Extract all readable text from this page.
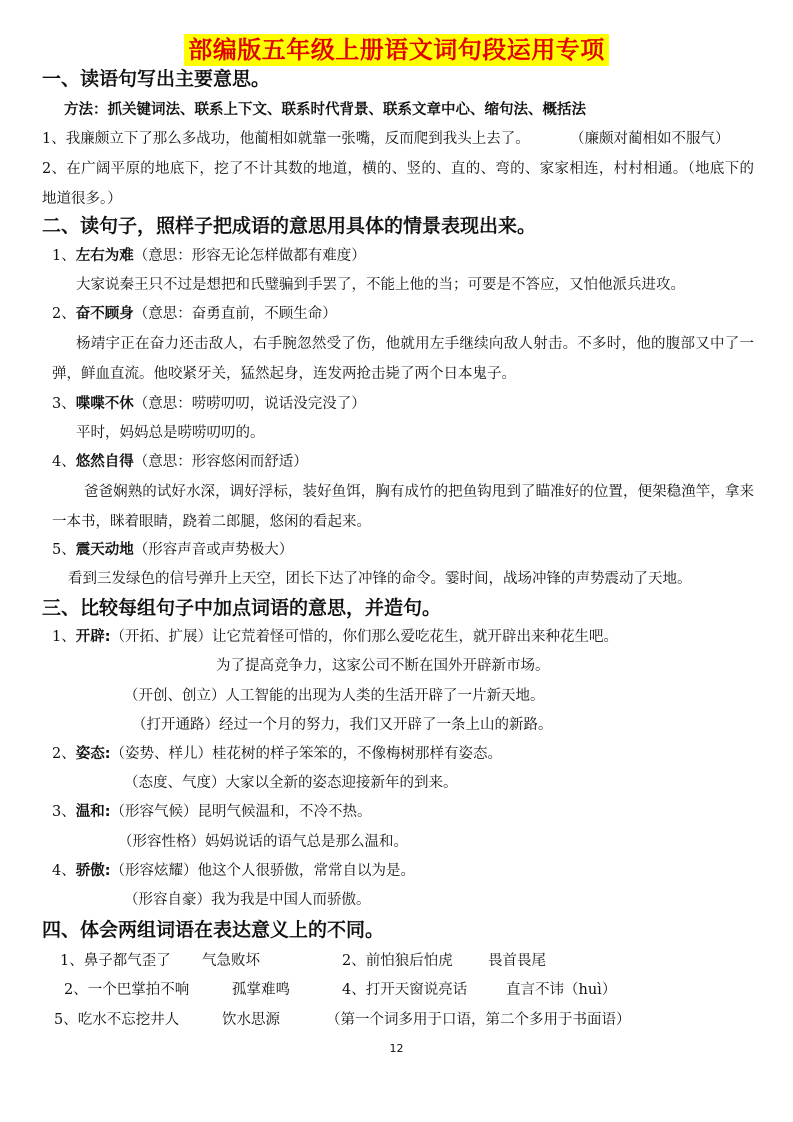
部编版五年级上册语文词句段运用专项
一、读语句写出主要意思。
方法：抓关键词法、联系上下文、联系时代背景、联系文章中心、缩句法、概括法
1、我廉颇立下了那么多战功，他蔺相如就靠一张嘴，反而爬到我头上去了。	（廉颇对蔺相如不服气）
2、在广阔平原的地底下，挖了不计其数的地道，横的、竖的、直的、弯的、家家相连，村村相通。（地底下的地道很多。）
二、读句子，照样子把成语的意思用具体的情景表现出来。
1、左右为难（意思：形容无论怎样做都有难度）
大家说秦王只不过是想把和氏璧骗到手罢了，不能上他的当；可要是不答应，又怕他派兵进攻。
2、奋不顾身（意思：奋勇直前，不顾生命）
杨靖宇正在奋力还击敌人，右手腕忽然受了伤，他就用左手继续向敌人射击。不多时，他的腹部又中了一弹，鲜血直流。他咬紧牙关，猛然起身，连发两抢击毙了两个日本鬼子。
3、喋喋不休（意思：唠唠叨叨，说话没完没了）
平时，妈妈总是唠唠叨叨的。
4、悠然自得（意思：形容悠闲而舒适）
爸爸娴熟的试好水深，调好浮标，装好鱼饵，胸有成竹的把鱼钩甩到了瞄准好的位置，便架稳渔竿，拿来一本书，眯着眼睛，跷着二郎腿，悠闲的看起来。
5、震天动地（形容声音或声势极大）
看到三发绿色的信号弹升上天空，团长下达了冲锋的命令。霎时间，战场冲锋的声势震动了天地。
三、比较每组句子中加点词语的意思，并造句。
1、开辟:（开拓、扩展）让它荒着怪可惜的，你们那么爱吃花生，就开辟出来种花生吧。
为了提高竞争力，这家公司不断在国外开辟新市场。
（开创、创立）人工智能的出现为人类的生活开辟了一片新天地。
（打开通路）经过一个月的努力，我们又开辟了一条上山的新路。
2、姿态:（姿势、样儿）桂花树的样子笨笨的，不像梅树那样有姿态。
（态度、气度）大家以全新的姿态迎接新年的到来。
3、温和:（形容气候）昆明气候温和，不冷不热。
（形容性格）妈妈说话的语气总是那么温和。
4、骄傲:（形容炫耀）他这个人很骄傲，常常自以为是。
（形容自豪）我为我是中国人而骄傲。
四、体会两组词语在表达意义上的不同。
1、鼻子都气歪了 气急败坏	2、前怕狼后怕虎 畏首畏尾
2、一个巴掌拍不响	孤掌难鸣	4、打开天窗说亮话	直言不讳（huì）
5、吃水不忘挖井人	饮水思源	（第一个词多用于口语，第二个多用于书面语）
12
